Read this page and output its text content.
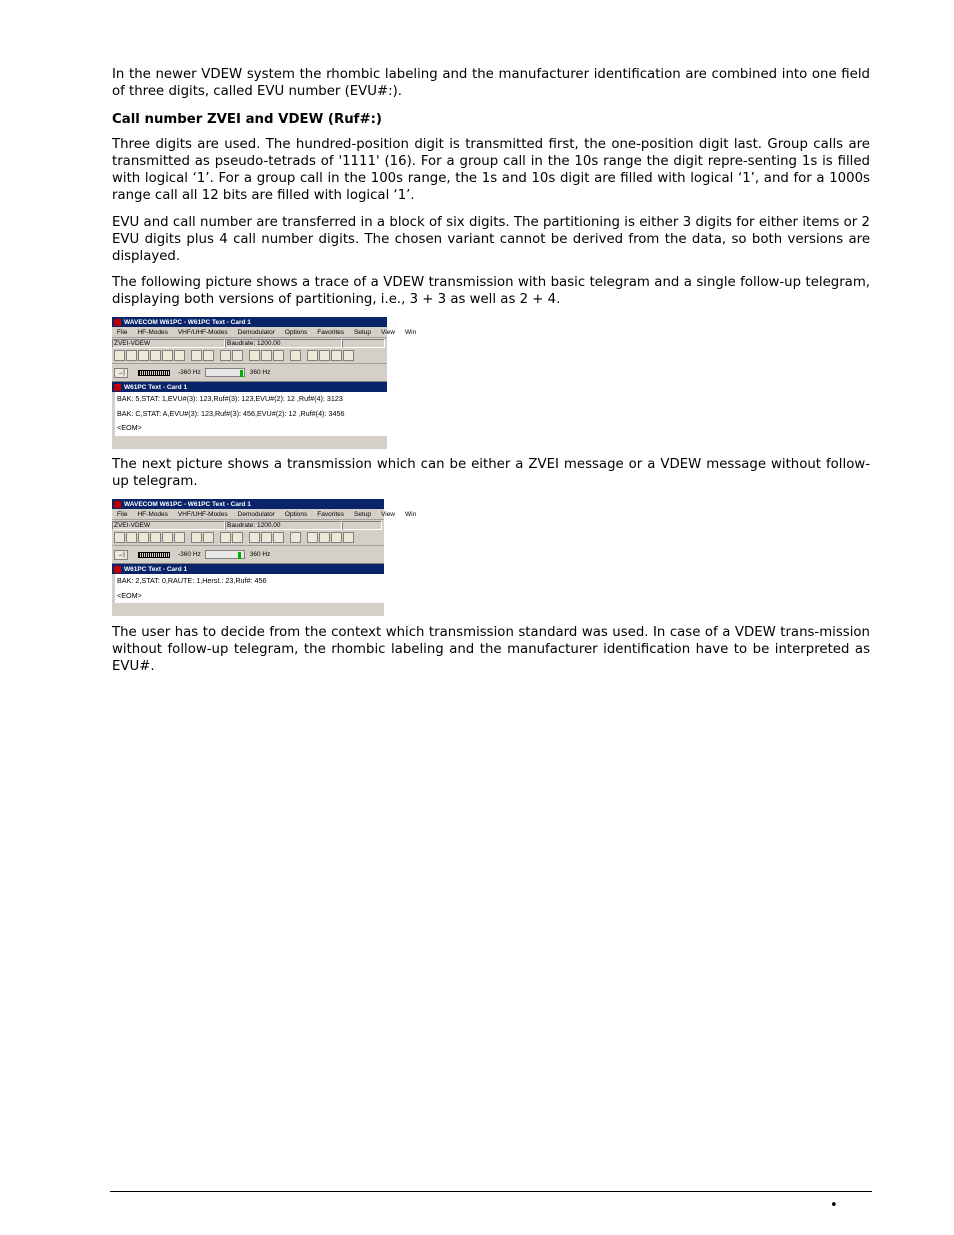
In the newer VDEW system the rhombic labeling and the manufacturer identification are combined into one field of three digits, called EVU number (EVU#:).

Call number ZVEI and VDEW (Ruf#:)

Three digits are used. The hundred-position digit is transmitted first, the one-position digit last. Group calls are transmitted as pseudo-tetrads of '1111' (16). For a group call in the 10s range the digit repre-senting 1s is filled with logical ‘1’. For a group call in the 100s range, the 1s and 10s digit are filled with logical ‘1’, and for a 1000s range call all 12 bits are filled with logical ‘1’.

EVU and call number are transferred in a block of six digits. The partitioning is either 3 digits for either items or 2 EVU digits plus 4 call number digits. The chosen variant cannot be derived from the data, so both versions are displayed.

The following picture shows a trace of a VDEW transmission with basic telegram and a single follow-up telegram, displaying both versions of partitioning, i.e., 3 + 3 as well as 2 + 4.

WAVECOM W61PC - W61PC Text - Card 1
File HF-Modes VHF/UHF-Modes Demodulator Options Favorites Setup View Win
ZVEI-VDEW	Baudrate: 1200.00
→|	-360 Hz	360 Hz
W61PC Text - Card 1
BAK: 5,STAT: 1,EVU#(3): 123,Ruf#(3): 123,EVU#(2): 12 ,Ruf#(4): 3123
BAK: C,STAT: A,EVU#(3): 123,Ruf#(3): 456,EVU#(2): 12 ,Ruf#(4): 3456
<EOM>

The next picture shows a transmission which can be either a ZVEI message or a VDEW message without follow-up telegram.

WAVECOM W61PC - W61PC Text - Card 1
File HF-Modes VHF/UHF-Modes Demodulator Options Favorites Setup View Win
ZVEI-VDEW	Baudrate: 1200.00
→|	-360 Hz	360 Hz
W61PC Text - Card 1
BAK: 2,STAT: 0,RAUTE: 1,Herst.: 23,Ruf#: 456
<EOM>

The user has to decide from the context which transmission standard was used. In case of a VDEW trans-mission without follow-up telegram, the rhombic labeling and the manufacturer identification have to be interpreted as EVU#.

•
